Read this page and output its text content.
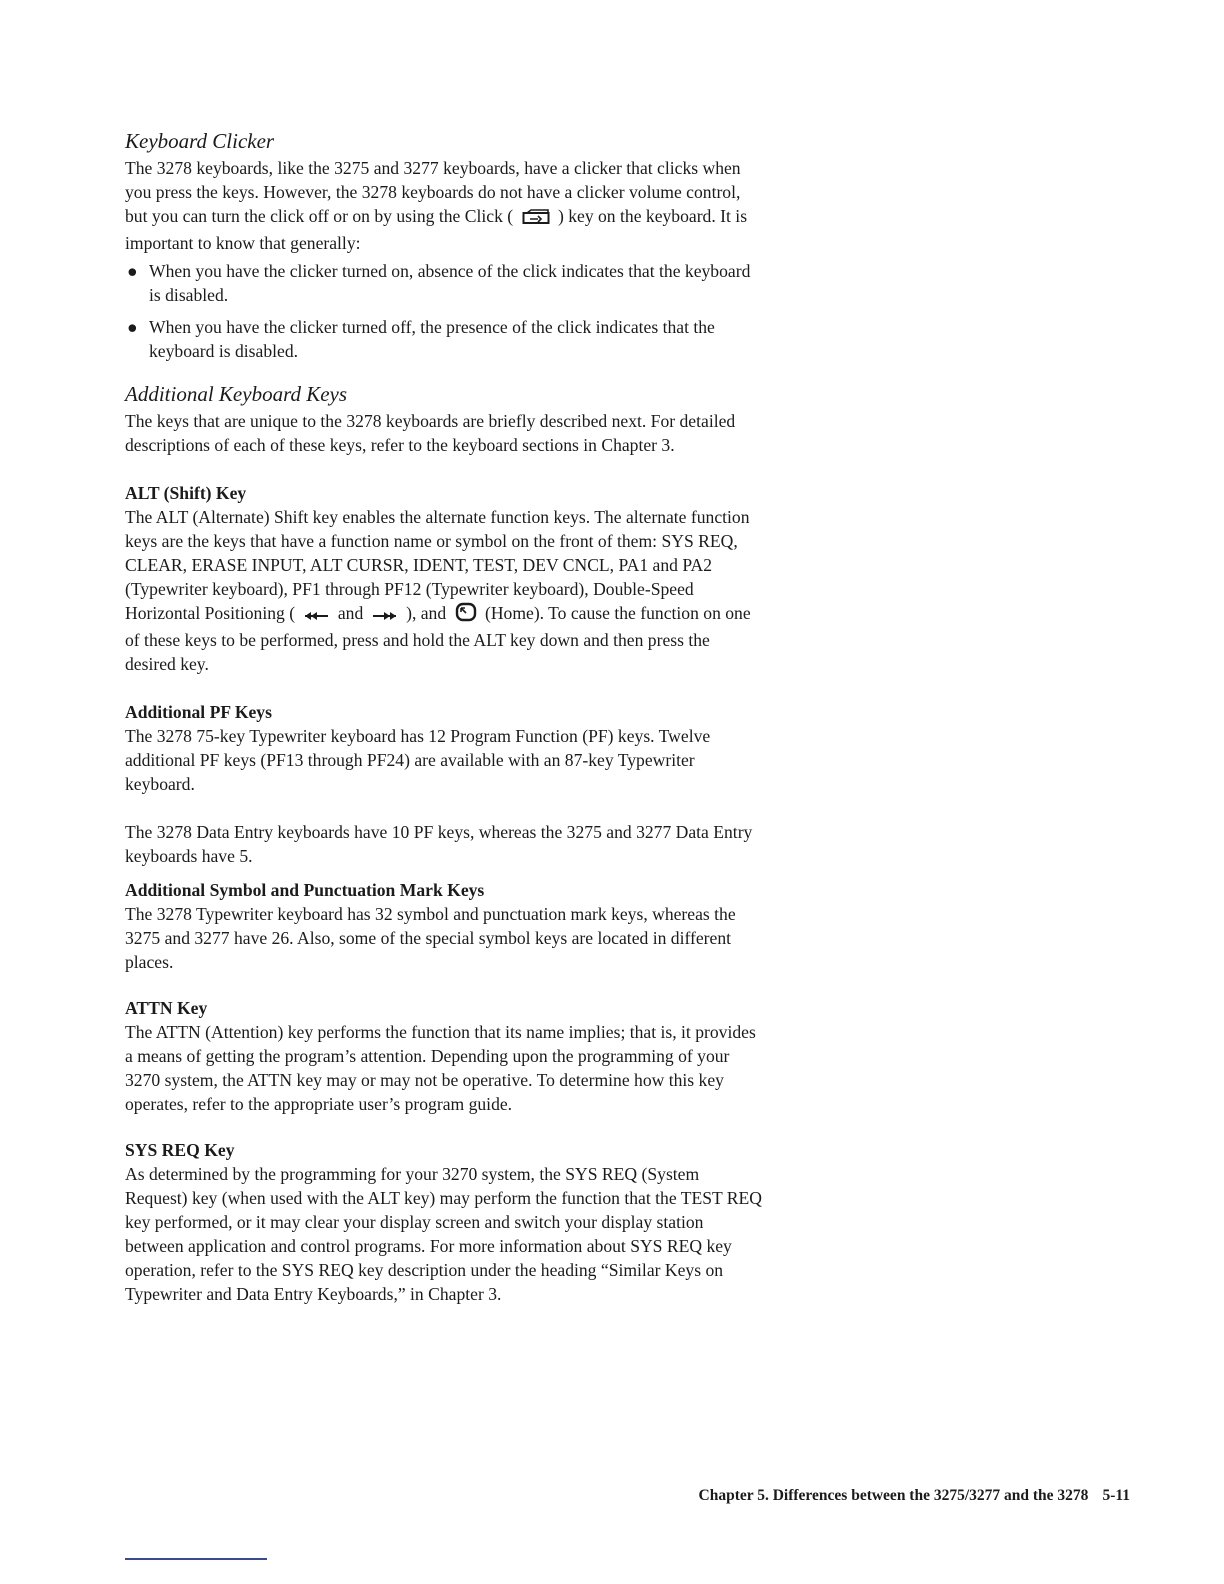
Keyboard Clicker

The 3278 keyboards, like the 3275 and 3277 keyboards, have a clicker that clicks when you press the keys. However, the 3278 keyboards do not have a clicker volume control, but you can turn the click off or on by using the Click (	) key on the keyboard. It is important to know that generally:

● When you have the clicker turned on, absence of the click indicates that the keyboard is disabled.
● When you have the clicker turned off, the presence of the click indicates that the keyboard is disabled.
Additional Keyboard Keys

The keys that are unique to the 3278 keyboards are briefly described next. For detailed descriptions of each of these keys, refer to the keyboard sections in Chapter 3.

ALT (Shift) Key

The ALT (Alternate) Shift key enables the alternate function keys. The alternate function keys are the keys that have a function name or symbol on the front of them: SYS REQ, CLEAR, ERASE INPUT, ALT CURSR, IDENT, TEST, DEV CNCL, PA1 and PA2 (Typewriter keyboard), PF1 through PF12 (Typewriter keyboard), Double-Speed Horizontal Positioning ( and ), and (Home). To cause the function on one of these keys to be performed, press and hold the ALT key down and then press the desired key.

Additional PF Keys

The 3278 75-key Typewriter keyboard has 12 Program Function (PF) keys. Twelve additional PF keys (PF13 through PF24) are available with an 87-key Typewriter keyboard.

The 3278 Data Entry keyboards have 10 PF keys, whereas the 3275 and 3277 Data Entry keyboards have 5.

Additional Symbol and Punctuation Mark Keys

The 3278 Typewriter keyboard has 32 symbol and punctuation mark keys, whereas the 3275 and 3277 have 26. Also, some of the special symbol keys are located in different places.

ATTN Key

The ATTN (Attention) key performs the function that its name implies; that is, it provides a means of getting the program’s attention. Depending upon the programming of your 3270 system, the ATTN key may or may not be operative. To determine how this key operates, refer to the appropriate user’s program guide.

SYS REQ Key

As determined by the programming for your 3270 system, the SYS REQ (System Request) key (when used with the ALT key) may perform the function that the TEST REQ key performed, or it may clear your display screen and switch your display station between application and control programs. For more information about SYS REQ key operation, refer to the SYS REQ key description under the heading “Similar Keys on Typewriter and Data Entry Keyboards,” in Chapter 3.

Chapter 5. Differences between the 3275/3277 and the 3278 5-11
